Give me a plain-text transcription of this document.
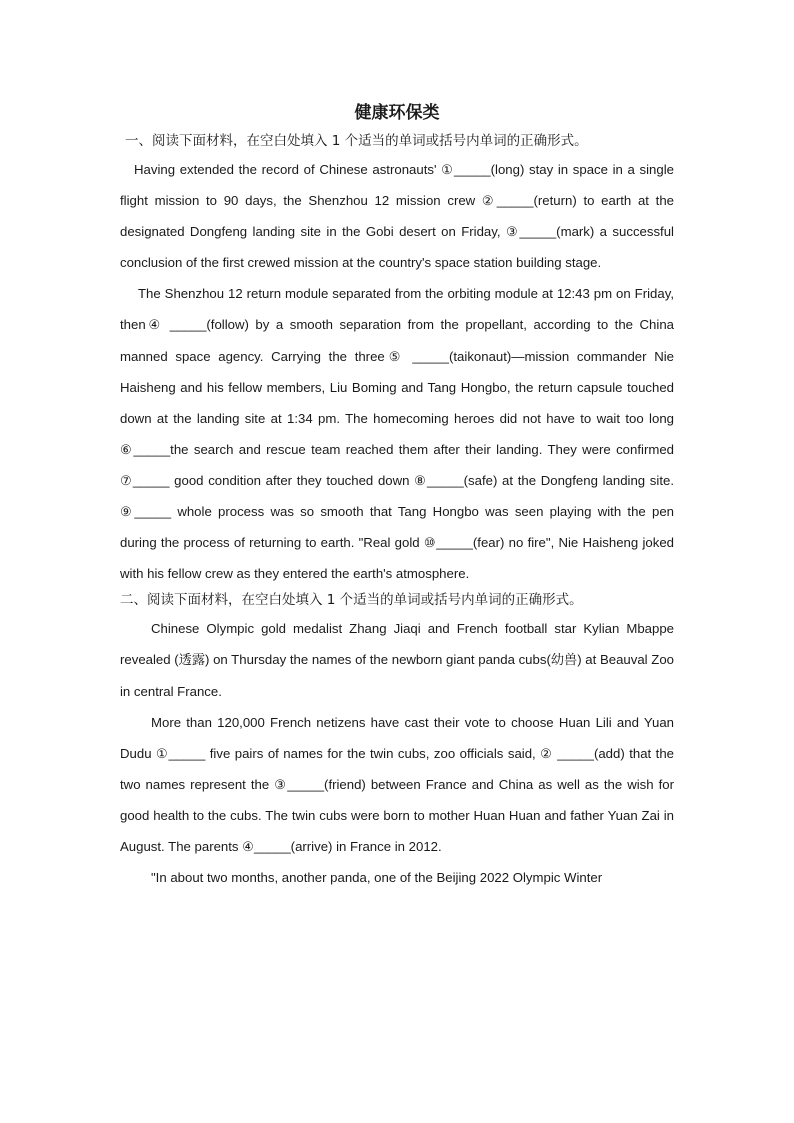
健康环保类

一、阅读下面材料，在空白处填入 1 个适当的单词或括号内单词的正确形式。

Having extended the record of Chinese astronauts' ①_____(long) stay in space in a single flight mission to 90 days, the Shenzhou 12 mission crew ②_____(return) to earth at the designated Dongfeng landing site in the Gobi desert on Friday, ③_____(mark) a successful conclusion of the first crewed mission at the country's space station building stage.

The Shenzhou 12 return module separated from the orbiting module at 12:43 pm on Friday, then④ _____(follow) by a smooth separation from the propellant, according to the China manned space agency. Carrying the three⑤ _____(taikonaut)—mission commander Nie Haisheng and his fellow members, Liu Boming and Tang Hongbo, the return capsule touched down at the landing site at 1:34 pm. The homecoming heroes did not have to wait too long ⑥_____the search and rescue team reached them after their landing. They were confirmed ⑦_____ good condition after they touched down ⑧_____(safe) at the Dongfeng landing site. ⑨_____ whole process was so smooth that Tang Hongbo was seen playing with the pen during the process of returning to earth. "Real gold ⑩_____(fear) no fire", Nie Haisheng joked with his fellow crew as they entered the earth's atmosphere.

二、阅读下面材料，在空白处填入 1 个适当的单词或括号内单词的正确形式。

Chinese Olympic gold medalist Zhang Jiaqi and French football star Kylian Mbappe revealed (透露) on Thursday the names of the newborn giant panda cubs(幼兽) at Beauval Zoo in central France.

More than 120,000 French netizens have cast their vote to choose Huan Lili and Yuan Dudu ①_____ five pairs of names for the twin cubs, zoo officials said, ② _____(add) that the two names represent the ③_____(friend) between France and China as well as the wish for good health to the cubs. The twin cubs were born to mother Huan Huan and father Yuan Zai in August. The parents ④_____(arrive) in France in 2012.

"In about two months, another panda, one of the Beijing 2022 Olympic Winter
